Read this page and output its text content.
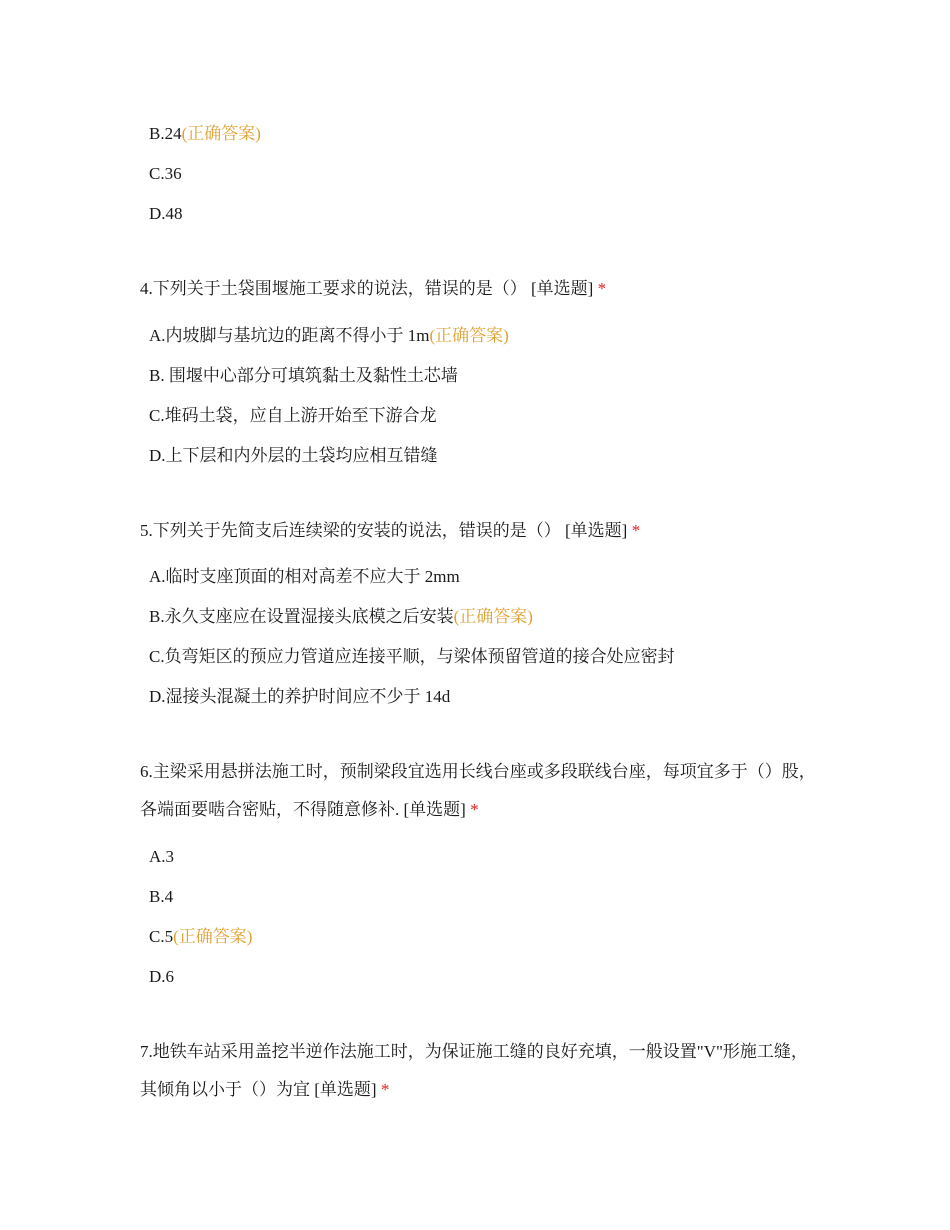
B.24(正确答案)
C.36
D.48
4.下列关于土袋围堰施工要求的说法，错误的是（） [单选题] *
A.内坡脚与基坑边的距离不得小于 1m(正确答案)
B. 围堰中心部分可填筑黏土及黏性土芯墙
C.堆码土袋，应自上游开始至下游合龙
D.上下层和内外层的土袋均应相互错缝
5.下列关于先简支后连续梁的安装的说法，错误的是（） [单选题] *
A.临时支座顶面的相对高差不应大于 2mm
B.永久支座应在设置湿接头底模之后安装(正确答案)
C.负弯矩区的预应力管道应连接平顺，与梁体预留管道的接合处应密封
D.湿接头混凝土的养护时间应不少于 14d
6.主梁采用悬拼法施工时，预制梁段宜选用长线台座或多段联线台座，每项宜多于（）股，各端面要啮合密贴，不得随意修补. [单选题] *
A.3
B.4
C.5(正确答案)
D.6
7.地铁车站采用盖挖半逆作法施工时，为保证施工缝的良好充填，一般设置"V"形施工缝，其倾角以小于（）为宜 [单选题] *
